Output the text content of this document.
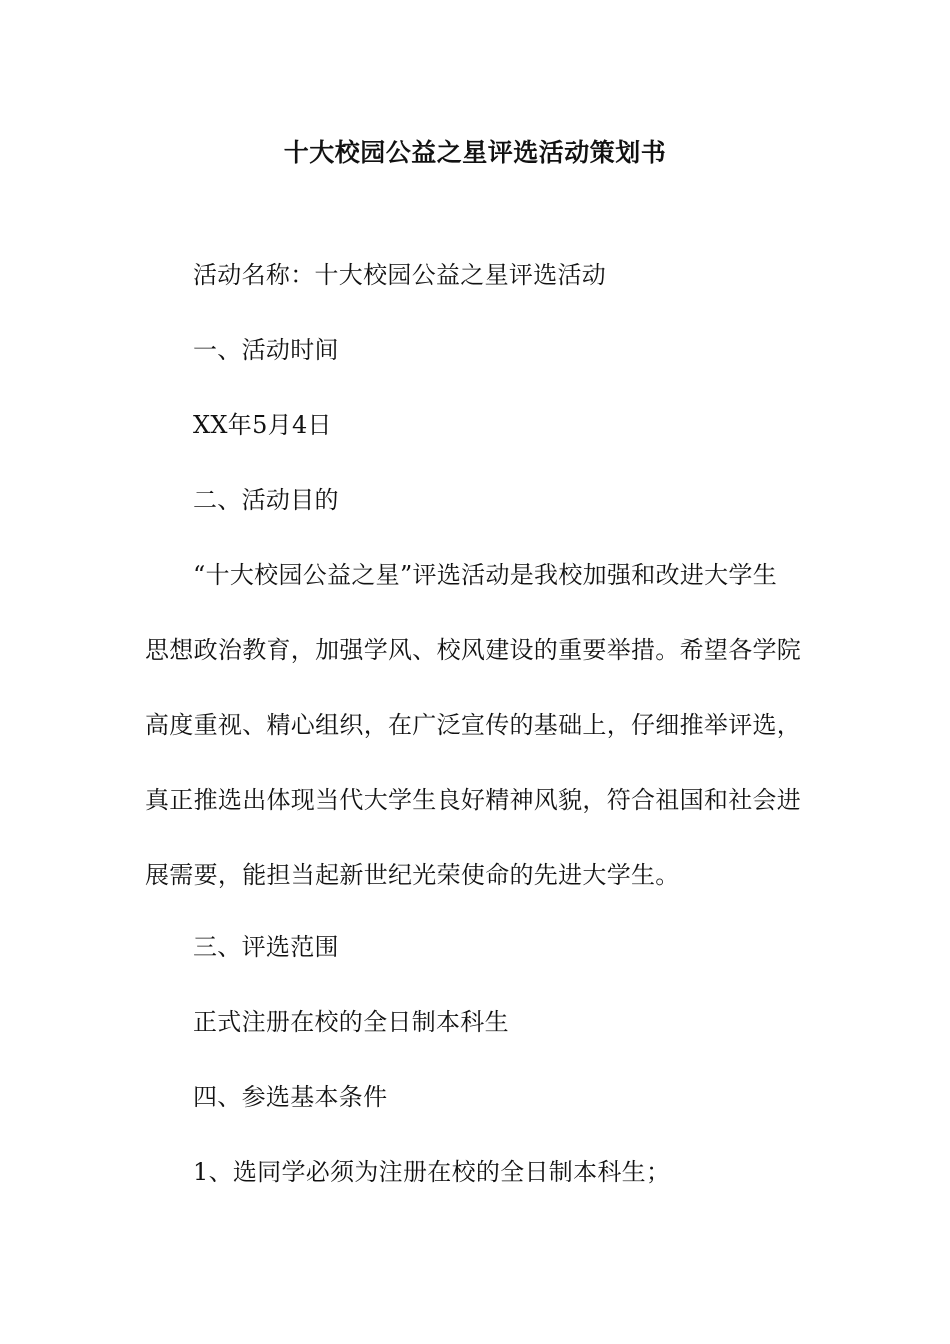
十大校园公益之星评选活动策划书
活动名称：十大校园公益之星评选活动
一、活动时间
XX年5月4日
二、活动目的
“十大校园公益之星”评选活动是我校加强和改进大学生
思想政治教育，加强学风、校风建设的重要举措。希望各学院
高度重视、精心组织，在广泛宣传的基础上，仔细推举评选，
真正推选出体现当代大学生良好精神风貌，符合祖国和社会进
展需要，能担当起新世纪光荣使命的先进大学生。
三、评选范围
正式注册在校的全日制本科生
四、参选基本条件
1、选同学必须为注册在校的全日制本科生；
